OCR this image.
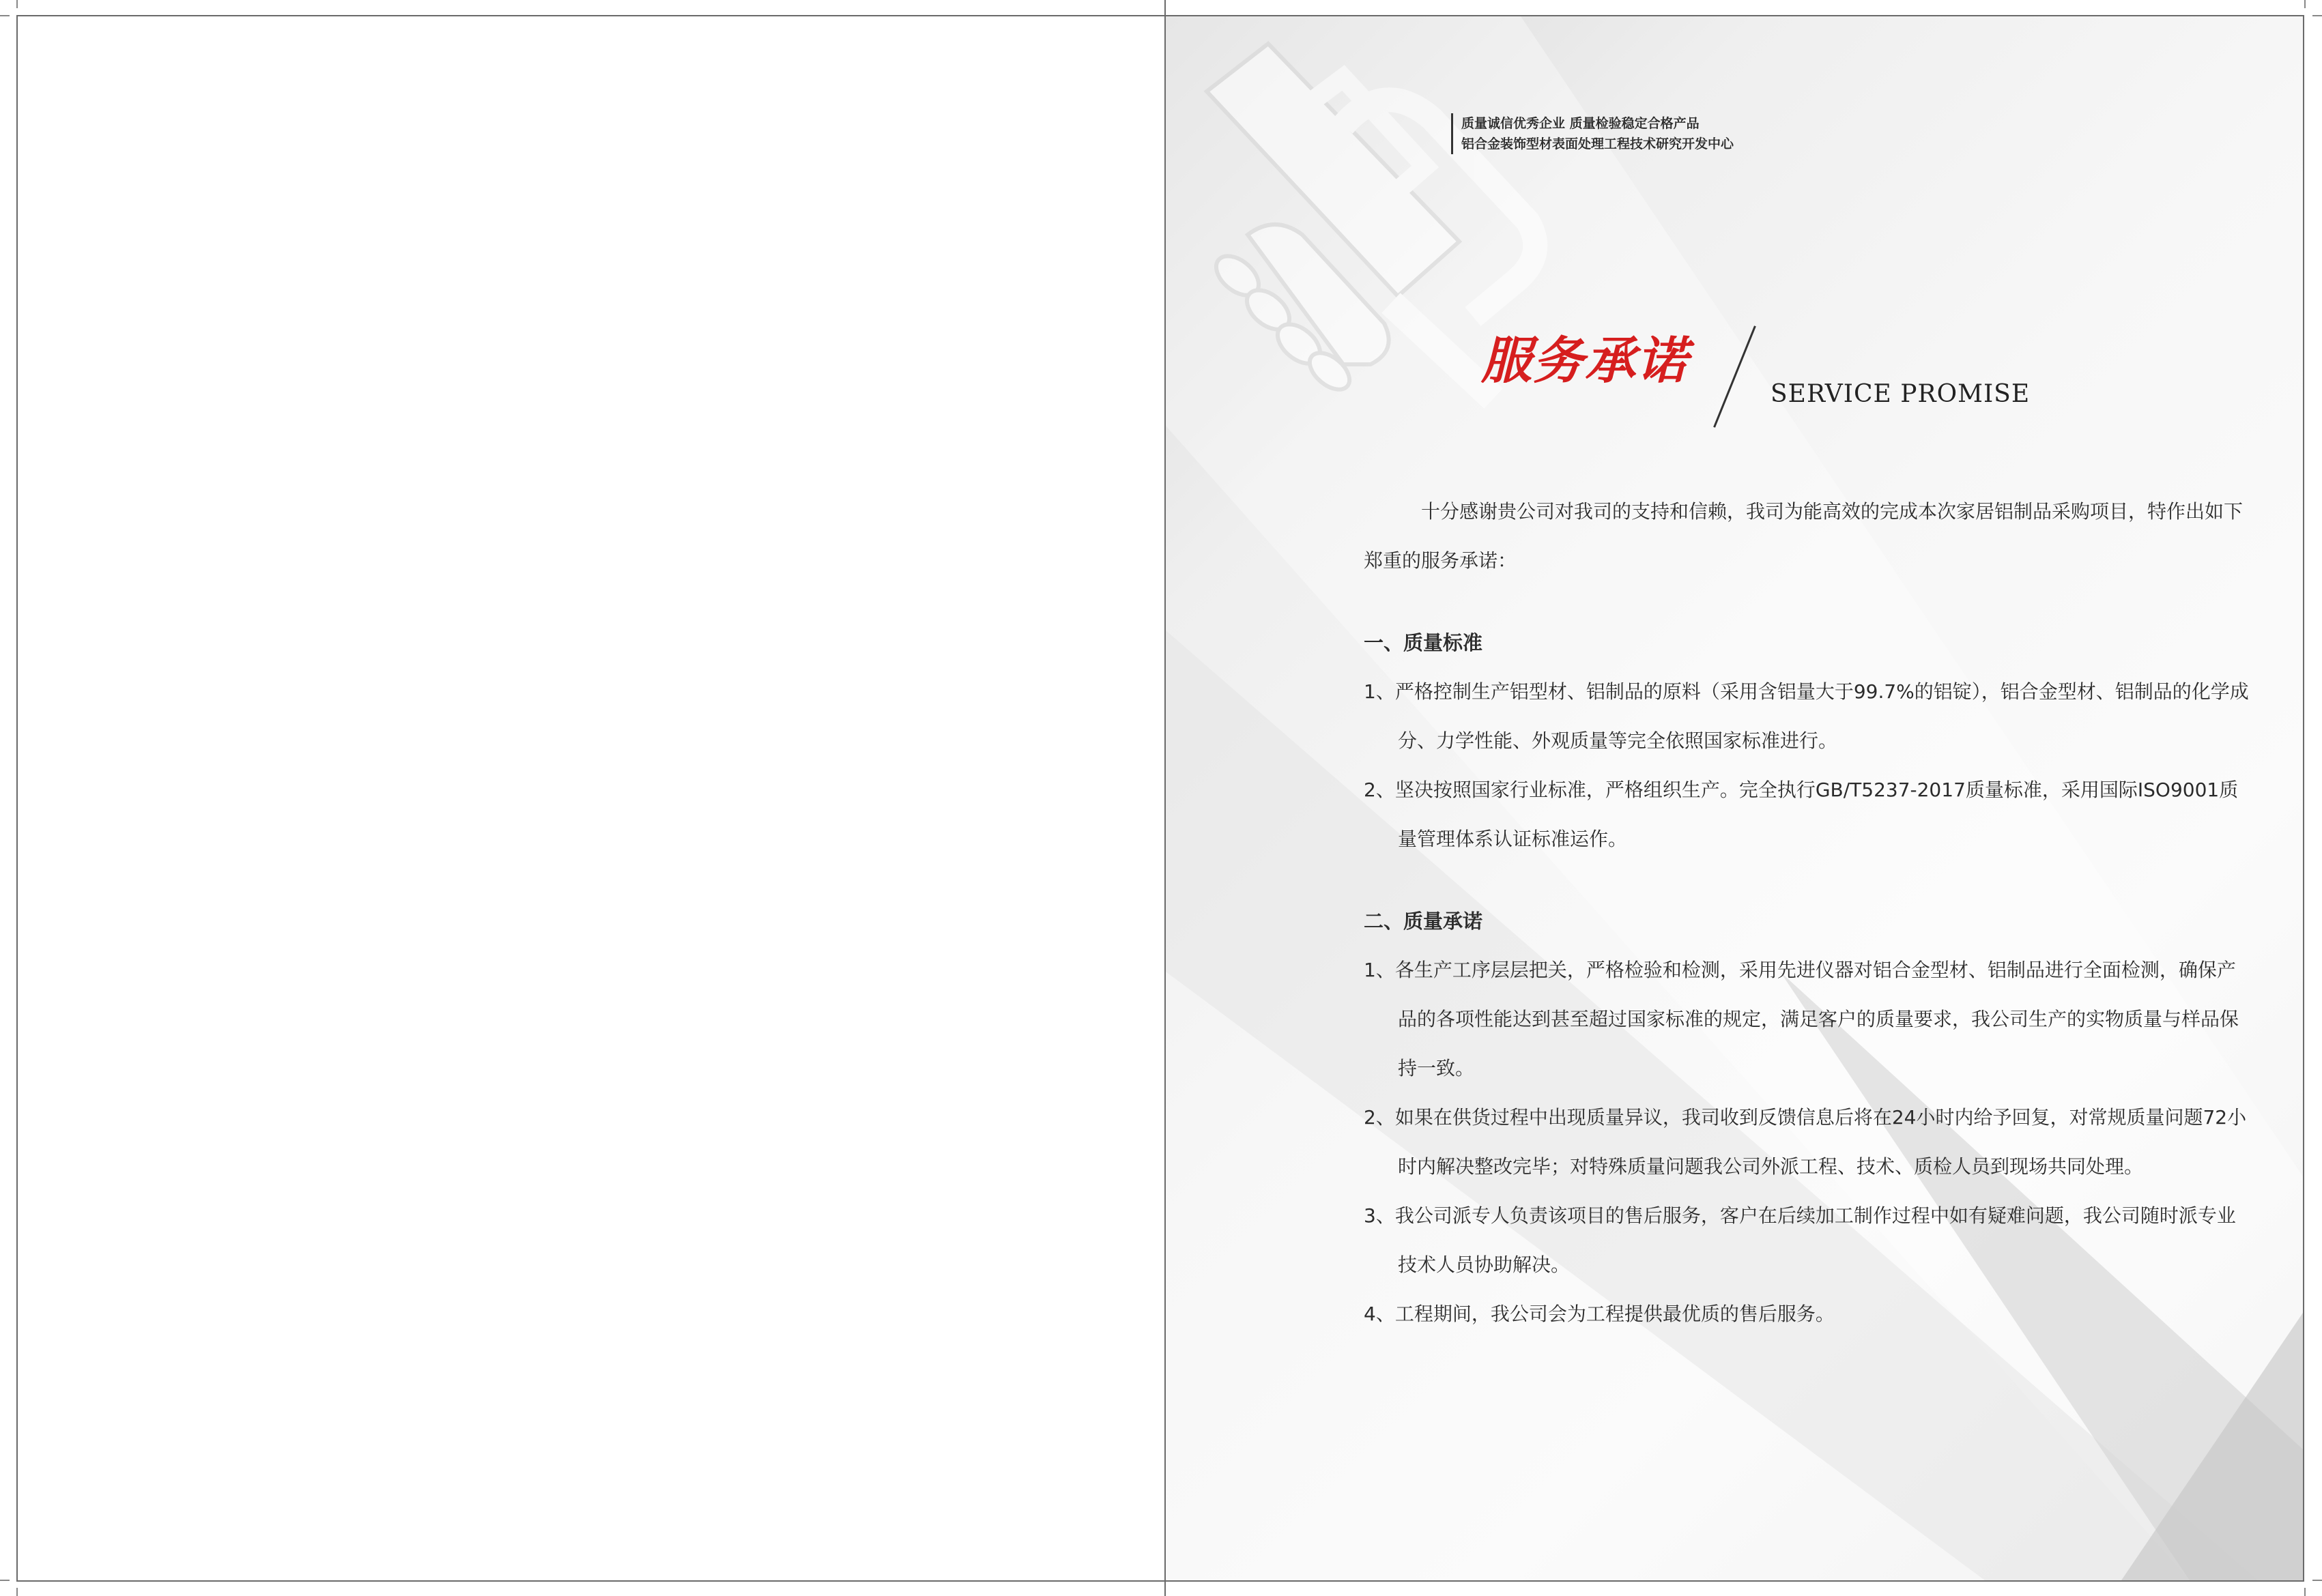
质量诚信优秀企业 质量检验稳定合格产品
铝合金装饰型材表面处理工程技术研究开发中心
服务承诺
SERVICE PROMISE
十分感谢贵公司对我司的支持和信赖，我司为能高效的完成本次家居铝制品采购项目，特作出如下郑重的服务承诺：
一、质量标准
1、严格控制生产铝型材、铝制品的原料（采用含铝量大于99.7%的铝锭），铝合金型材、铝制品的化学成分、力学性能、外观质量等完全依照国家标准进行。
2、坚决按照国家行业标准，严格组织生产。完全执行GB/T5237-2017质量标准，采用国际ISO9001质量管理体系认证标准运作。
二、质量承诺
1、各生产工序层层把关，严格检验和检测，采用先进仪器对铝合金型材、铝制品进行全面检测，确保产品的各项性能达到甚至超过国家标准的规定，满足客户的质量要求，我公司生产的实物质量与样品保持一致。
2、如果在供货过程中出现质量异议，我司收到反馈信息后将在24小时内给予回复，对常规质量问题72小时内解决整改完毕；对特殊质量问题我公司外派工程、技术、质检人员到现场共同处理。
3、我公司派专人负责该项目的售后服务，客户在后续加工制作过程中如有疑难问题，我公司随时派专业技术人员协助解决。
4、工程期间，我公司会为工程提供最优质的售后服务。
